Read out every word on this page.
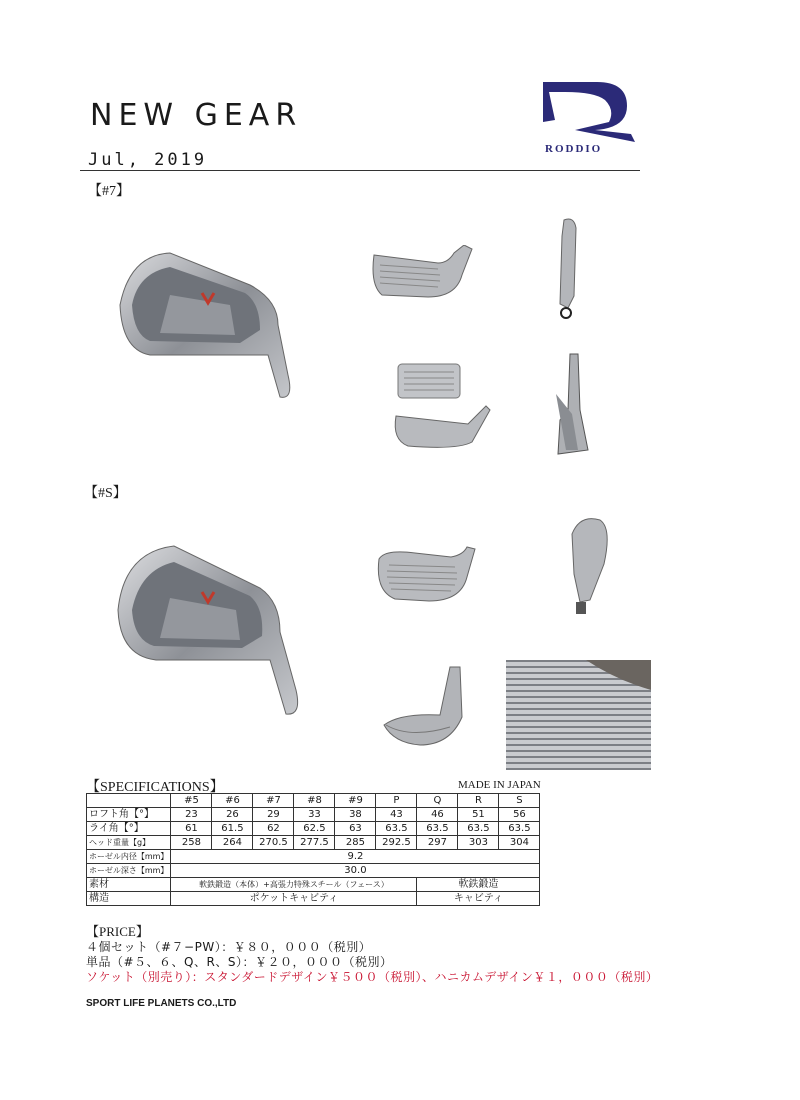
NEW GEAR
Jul, 2019
RODDIO
【#7】
【#S】
【SPECIFICATIONS】	MADE IN JAPAN
	#5	#6	#7	#8	#9	P	Q	R	S
ロフト角【°】	23	26	29	33	38	43	46	51	56
ライ角【°】	61	61.5	62	62.5	63	63.5	63.5	63.5	63.5
ヘッド重量【g】	258	264	270.5	277.5	285	292.5	297	303	304
ホーゼル内径【mm】	9.2								
ホーゼル深さ【mm】	30.0								
素材	軟鉄鍛造（本体）+高張力特殊スチール（フェース）						軟鉄鍛造		
構造	ポケットキャビティ						キャビティ		
【PRICE】
４個セット（#７−PW）：￥８０，０００（税別）
単品（#５、６、Q、R、S）：￥２０，０００（税別）
ソケット（別売り）：スタンダードデザイン￥５００（税別）、ハニカムデザイン￥１，０００（税別）
SPORT LIFE PLANETS CO.,LTD
